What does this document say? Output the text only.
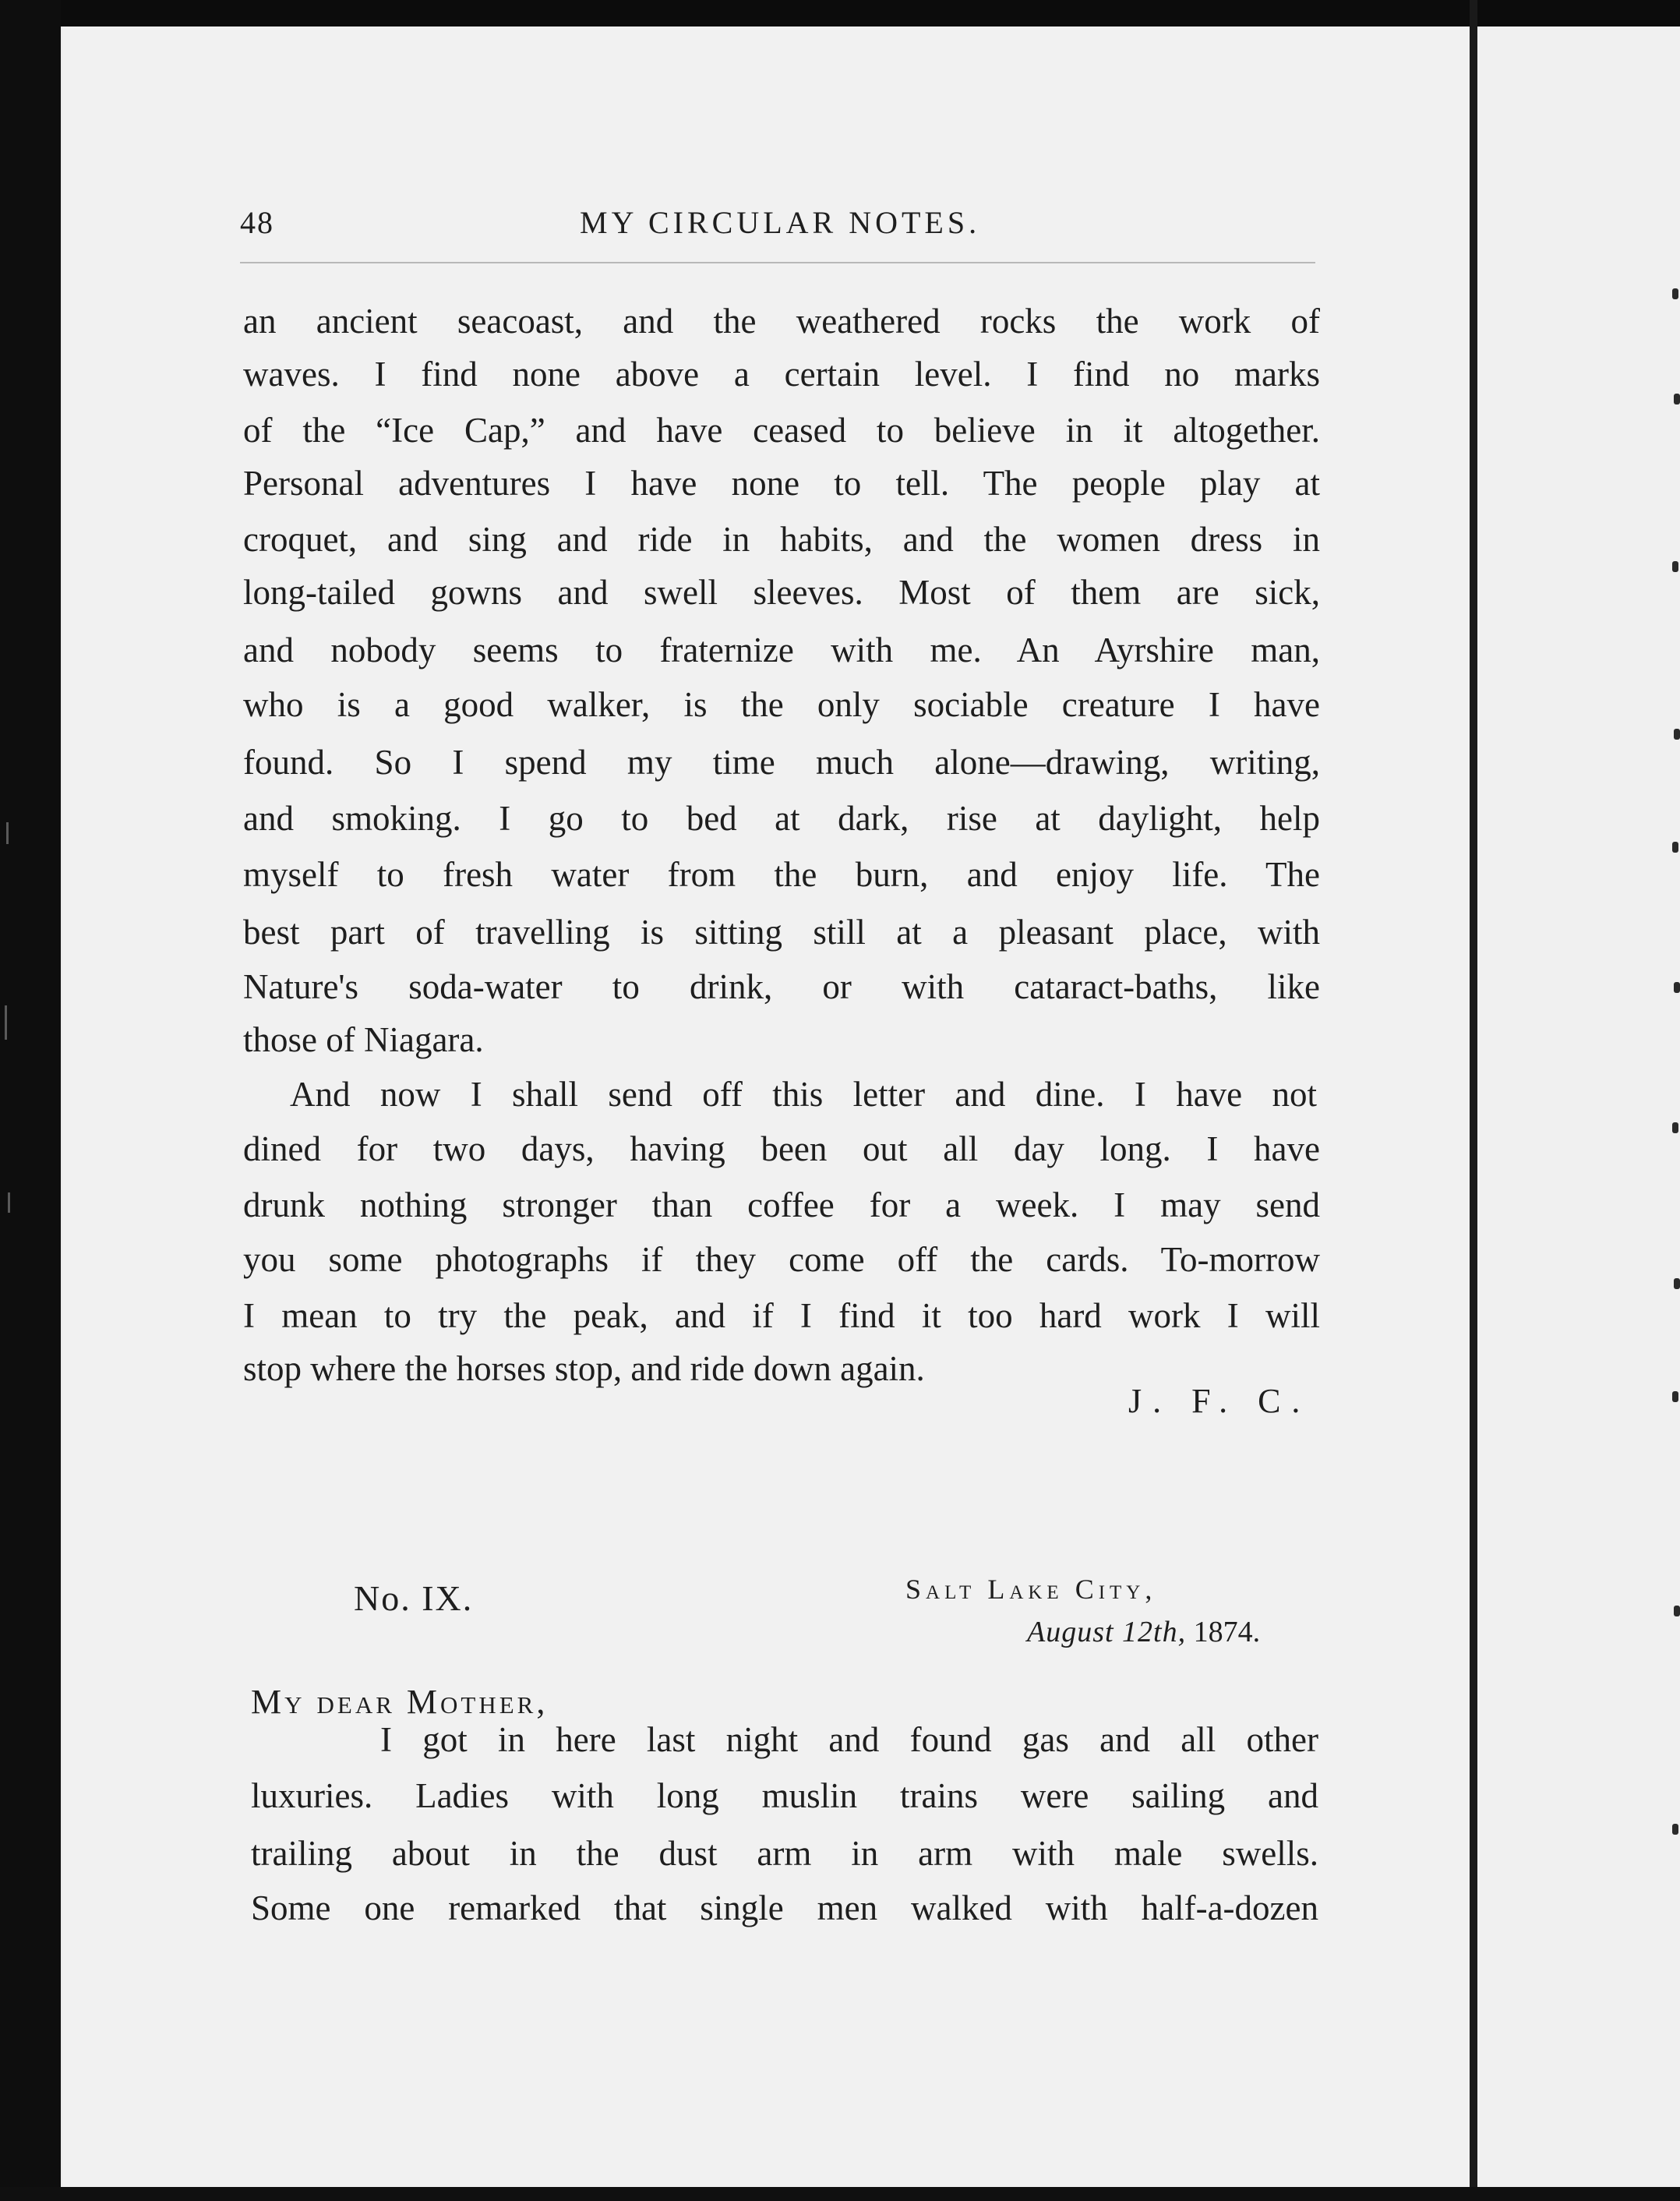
48	MY CIRCULAR NOTES.
an ancient seacoast, and the weathered rocks the work of
waves. I find none above a certain level. I find no marks
of the “Ice Cap,” and have ceased to believe in it altogether.
Personal adventures I have none to tell. The people play at
croquet, and sing and ride in habits, and the women dress in
long-tailed gowns and swell sleeves. Most of them are sick,
and nobody seems to fraternize with me. An Ayrshire man,
who is a good walker, is the only sociable creature I have
found. So I spend my time much alone—drawing, writing,
and smoking. I go to bed at dark, rise at daylight, help
myself to fresh water from the burn, and enjoy life. The
best part of travelling is sitting still at a pleasant place, with
Nature's soda-water to drink, or with cataract-baths, like
those of Niagara.
And now I shall send off this letter and dine. I have not
dined for two days, having been out all day long. I have
drunk nothing stronger than coffee for a week. I may send
you some photographs if they come off the cards. To-morrow
I mean to try the peak, and if I find it too hard work I will
stop where the horses stop, and ride down again.
J. F. C.
No. IX.	Salt Lake City,
August 12th, 1874.
My dear Mother,
I got in here last night and found gas and all other
luxuries. Ladies with long muslin trains were sailing and
trailing about in the dust arm in arm with male swells.
Some one remarked that single men walked with half-a-dozen
